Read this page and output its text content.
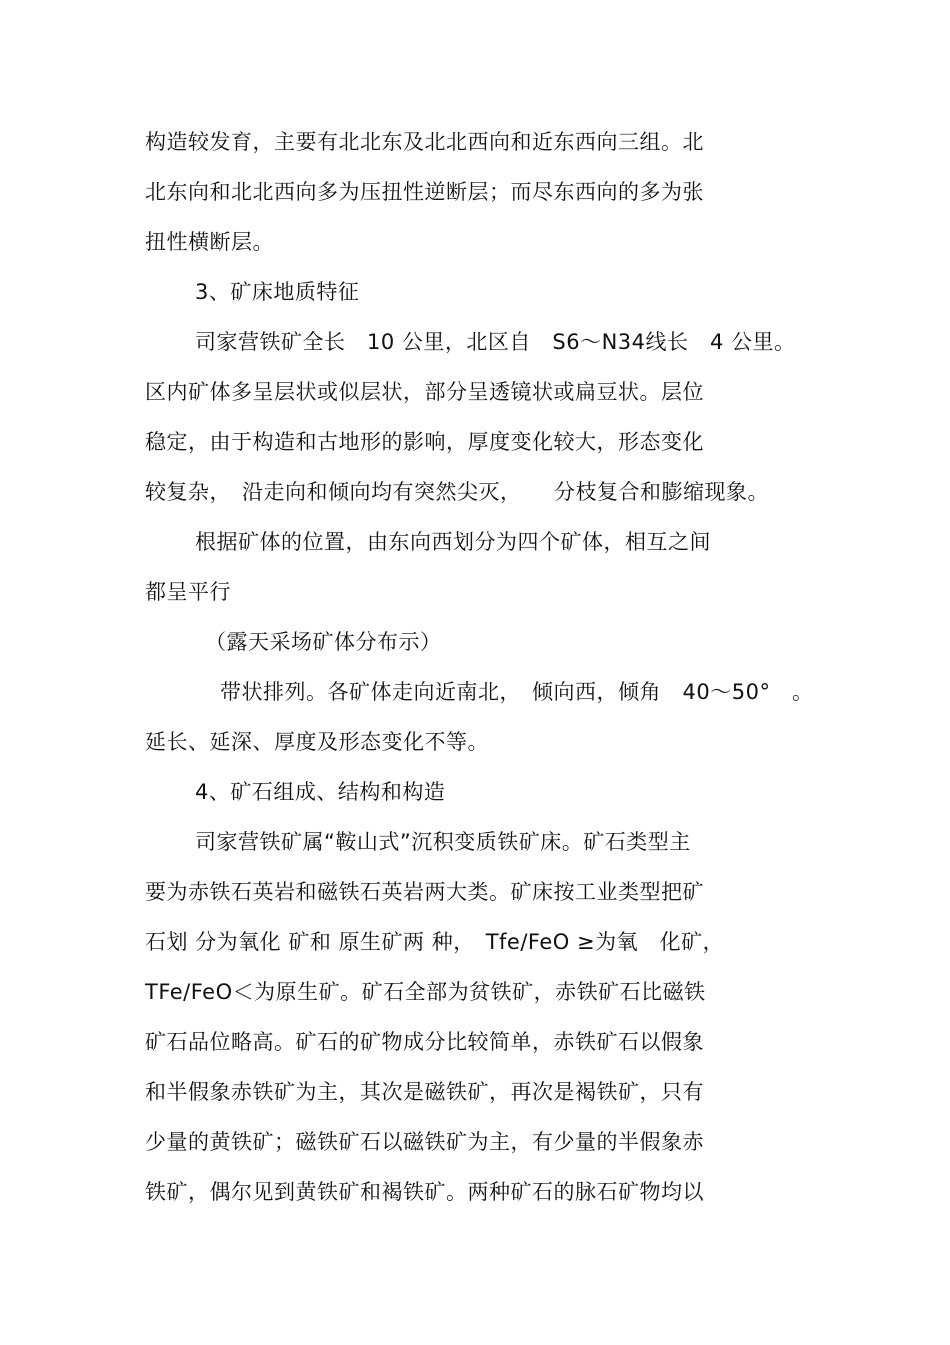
构造较发育，主要有北北东及北北西向和近东西向三组。北
北东向和北北西向多为压扭性逆断层；而尽东西向的多为张
扭性横断层。
3、矿床地质特征
司家营铁矿全长　10 公里，北区自　S6～N34线长　4 公里。
区内矿体多呈层状或似层状，部分呈透镜状或扁豆状。层位
稳定，由于构造和古地形的影响，厚度变化较大，形态变化
较复杂，　沿走向和倾向均有突然尖灭，　　分枝复合和膨缩现象。
根据矿体的位置，由东向西划分为四个矿体，相互之间
都呈平行
（露天采场矿体分布示）
带状排列。各矿体走向近南北，　倾向西，倾角　40～50°　。
延长、延深、厚度及形态变化不等。
4、矿石组成、结构和构造
司家营铁矿属“鞍山式”沉积变质铁矿床。矿石类型主
要为赤铁石英岩和磁铁石英岩两大类。矿床按工业类型把矿
石划 分为氧化 矿和 原生矿两 种，　Tfe/FeO ≥为氧　化矿，
TFe/FeO＜为原生矿。矿石全部为贫铁矿，赤铁矿石比磁铁
矿石品位略高。矿石的矿物成分比较简单，赤铁矿石以假象
和半假象赤铁矿为主，其次是磁铁矿，再次是褐铁矿，只有
少量的黄铁矿；磁铁矿石以磁铁矿为主，有少量的半假象赤
铁矿，偶尔见到黄铁矿和褐铁矿。两种矿石的脉石矿物均以
